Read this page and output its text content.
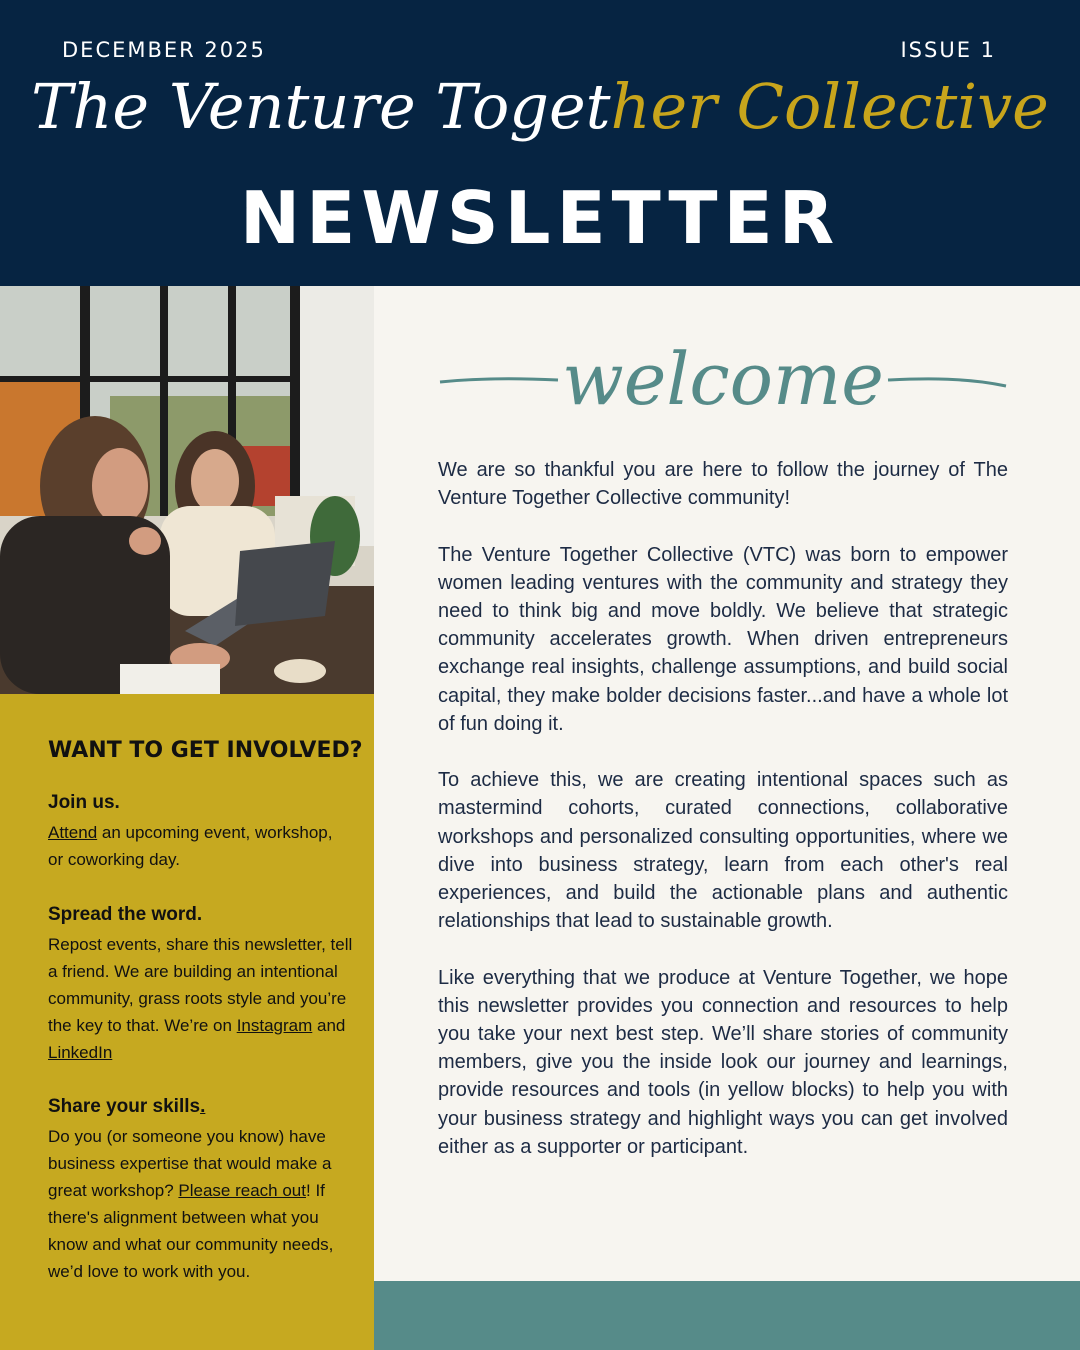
DECEMBER 2025	ISSUE 1
The Venture Together Collective
NEWSLETTER
WANT TO GET INVOLVED?
Join us.
Attend an upcoming event, workshop, or coworking day.
Spread the word.
Repost events, share this newsletter, tell a friend. We are building an intentional community, grass roots style and you’re the key to that. We’re on Instagram and LinkedIn
Share your skills.
Do you (or someone you know) have business expertise that would make a great workshop? Please reach out! If there's alignment between what you know and what our community needs, we’d love to work with you.
welcome

We are so thankful you are here to follow the journey of The Venture Together Collective community!

The Venture Together Collective (VTC) was born to empower women leading ventures with the community and strategy they need to think big and move boldly. We believe that strategic community accelerates growth. When driven entrepreneurs exchange real insights, challenge assumptions, and build social capital, they make bolder decisions faster...and have a whole lot of fun doing it.

To achieve this, we are creating intentional spaces such as mastermind cohorts, curated connections, collaborative workshops and personalized consulting opportunities, where we dive into business strategy, learn from each other's real experiences, and build the actionable plans and authentic relationships that lead to sustainable growth.

Like everything that we produce at Venture Together, we hope this newsletter provides you connection and resources to help you take your next best step. We’ll share stories of community members, give you the inside look our journey and learnings, provide resources and tools (in yellow blocks) to help you with your business strategy and highlight ways you can get involved either as a supporter or participant.
